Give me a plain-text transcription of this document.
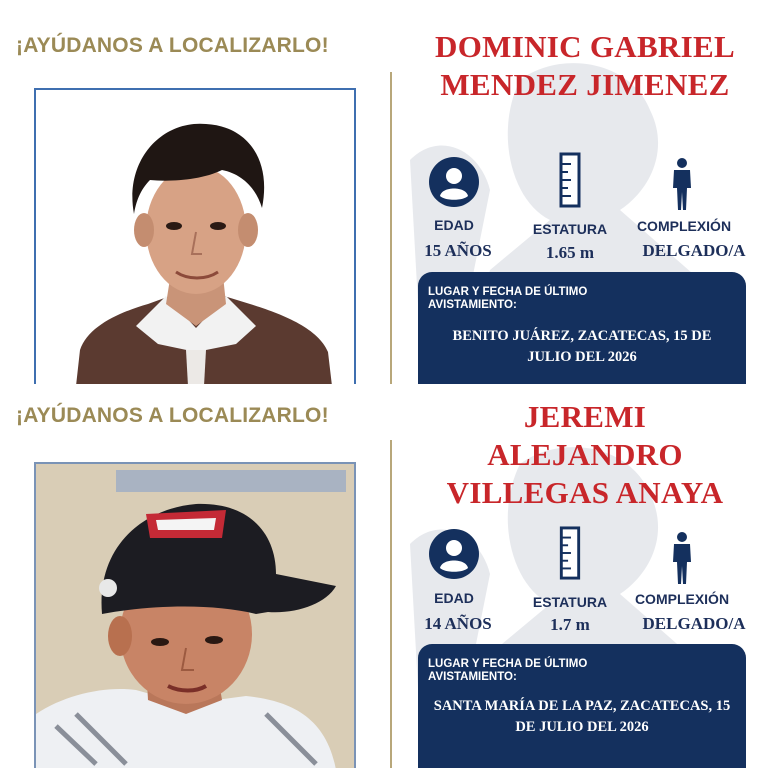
¡AYÚDANOS A LOCALIZARLO!	DOMINIC GABRIEL
MENDEZ JIMENEZ
EDAD	ESTATURA	COMPLEXIÓN
15 AÑOS	1.65 m	DELGADO/A
LUGAR Y FECHA DE ÚLTIMO AVISTAMIENTO:
BENITO JUÁREZ, ZACATECAS, 15 DE JULIO DEL 2026
¡AYÚDANOS A LOCALIZARLO!	JEREMI
ALEJANDRO
VILLEGAS ANAYA
EDAD	ESTATURA	COMPLEXIÓN
14 AÑOS	1.7 m	DELGADO/A
LUGAR Y FECHA DE ÚLTIMO AVISTAMIENTO:
SANTA MARÍA DE LA PAZ, ZACATECAS, 15 DE JULIO DEL 2026
